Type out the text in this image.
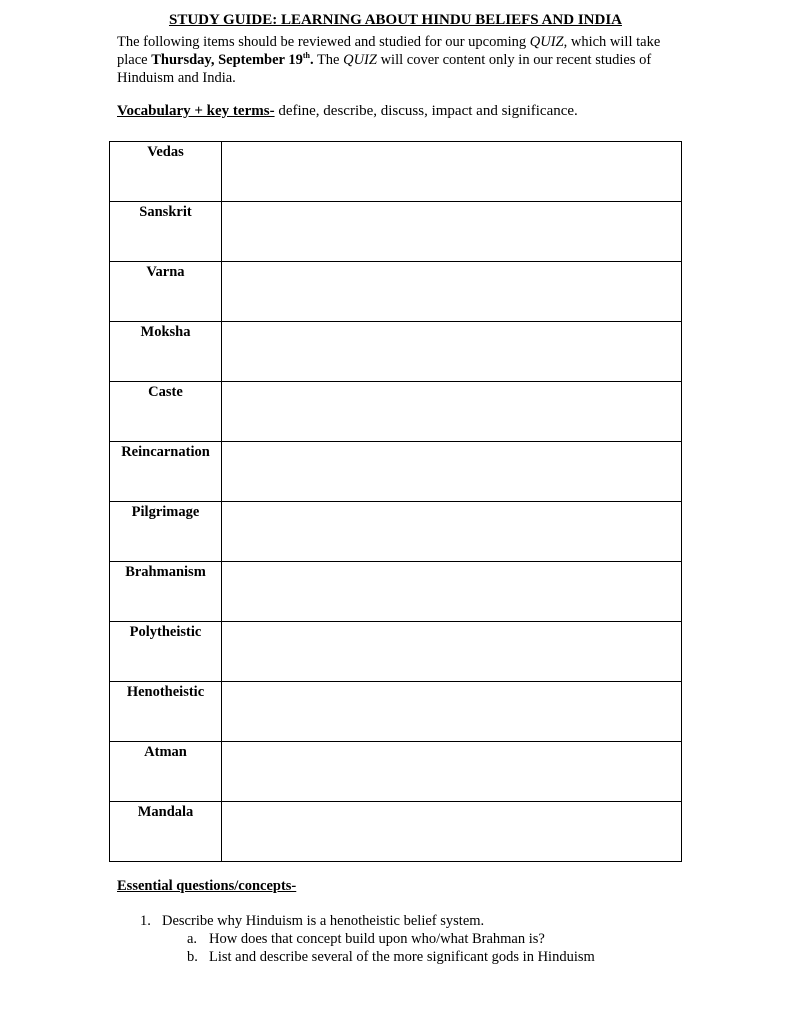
STUDY GUIDE: LEARNING ABOUT HINDU BELIEFS AND INDIA

The following items should be reviewed and studied for our upcoming QUIZ, which will take place Thursday, September 19th. The QUIZ will cover content only in our recent studies of Hinduism and India.

Vocabulary + key terms- define, describe, discuss, impact and significance.

Vedas	
Sanskrit	
Varna	
Moksha	
Caste	
Reincarnation	
Pilgrimage	
Brahmanism	
Polytheistic	
Henotheistic	
Atman	
Mandala	

Essential questions/concepts-

1. Describe why Hinduism is a henotheistic belief system.

a. How does that concept build upon who/what Brahman is?

b. List and describe several of the more significant gods in Hinduism
